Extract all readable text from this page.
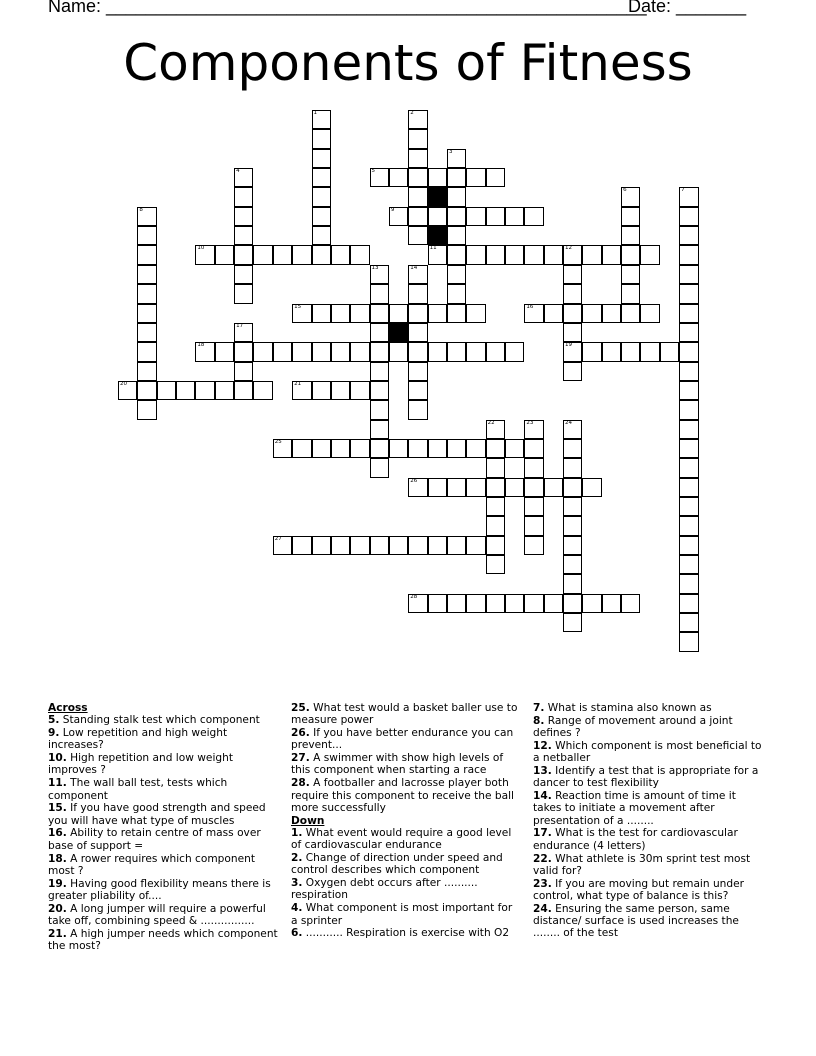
Name: ______________________________________________________
Date: _______
Components of Fitness
1	2
3
4	5
6	7
8	9
10	11	12
19
13	14
15	16
17
18
20	21
22	23	24
25
26
27
28
Across
5. Standing stalk test which component
9. Low repetition and high weight increases?
10. High repetition and low weight improves ?
11. The wall ball test, tests which component
15. If you have good strength and speed you will have what type of muscles
16. Ability to retain centre of mass over base of support =
18. A rower requires which component most ?
19. Having good flexibility means there is greater pliability of....
20. A long jumper will require a powerful take off, combining speed & ................
21. A high jumper needs which component the most?
25. What test would a basket baller use to measure power
26. If you have better endurance you can prevent...
27. A swimmer with show high levels of this component when starting a race
28. A footballer and lacrosse player both require this component to receive the ball more successfully
Down
1. What event would require a good level of cardiovascular endurance
2. Change of direction under speed and control describes which component
3. Oxygen debt occurs after .......... respiration
4. What component is most important for a sprinter
6. ........... Respiration is exercise with O2
7. What is stamina also known as
8. Range of movement around a joint defines ?
12. Which component is most beneficial to a netballer
13. Identify a test that is appropriate for a dancer to test flexibility
14. Reaction time is amount of time it takes to initiate a movement after presentation of a ........
17. What is the test for cardiovascular endurance (4 letters)
22. What athlete is 30m sprint test most valid for?
23. If you are moving but remain under control, what type of balance is this?
24. Ensuring the same person, same distance/ surface is used increases the ........ of the test
